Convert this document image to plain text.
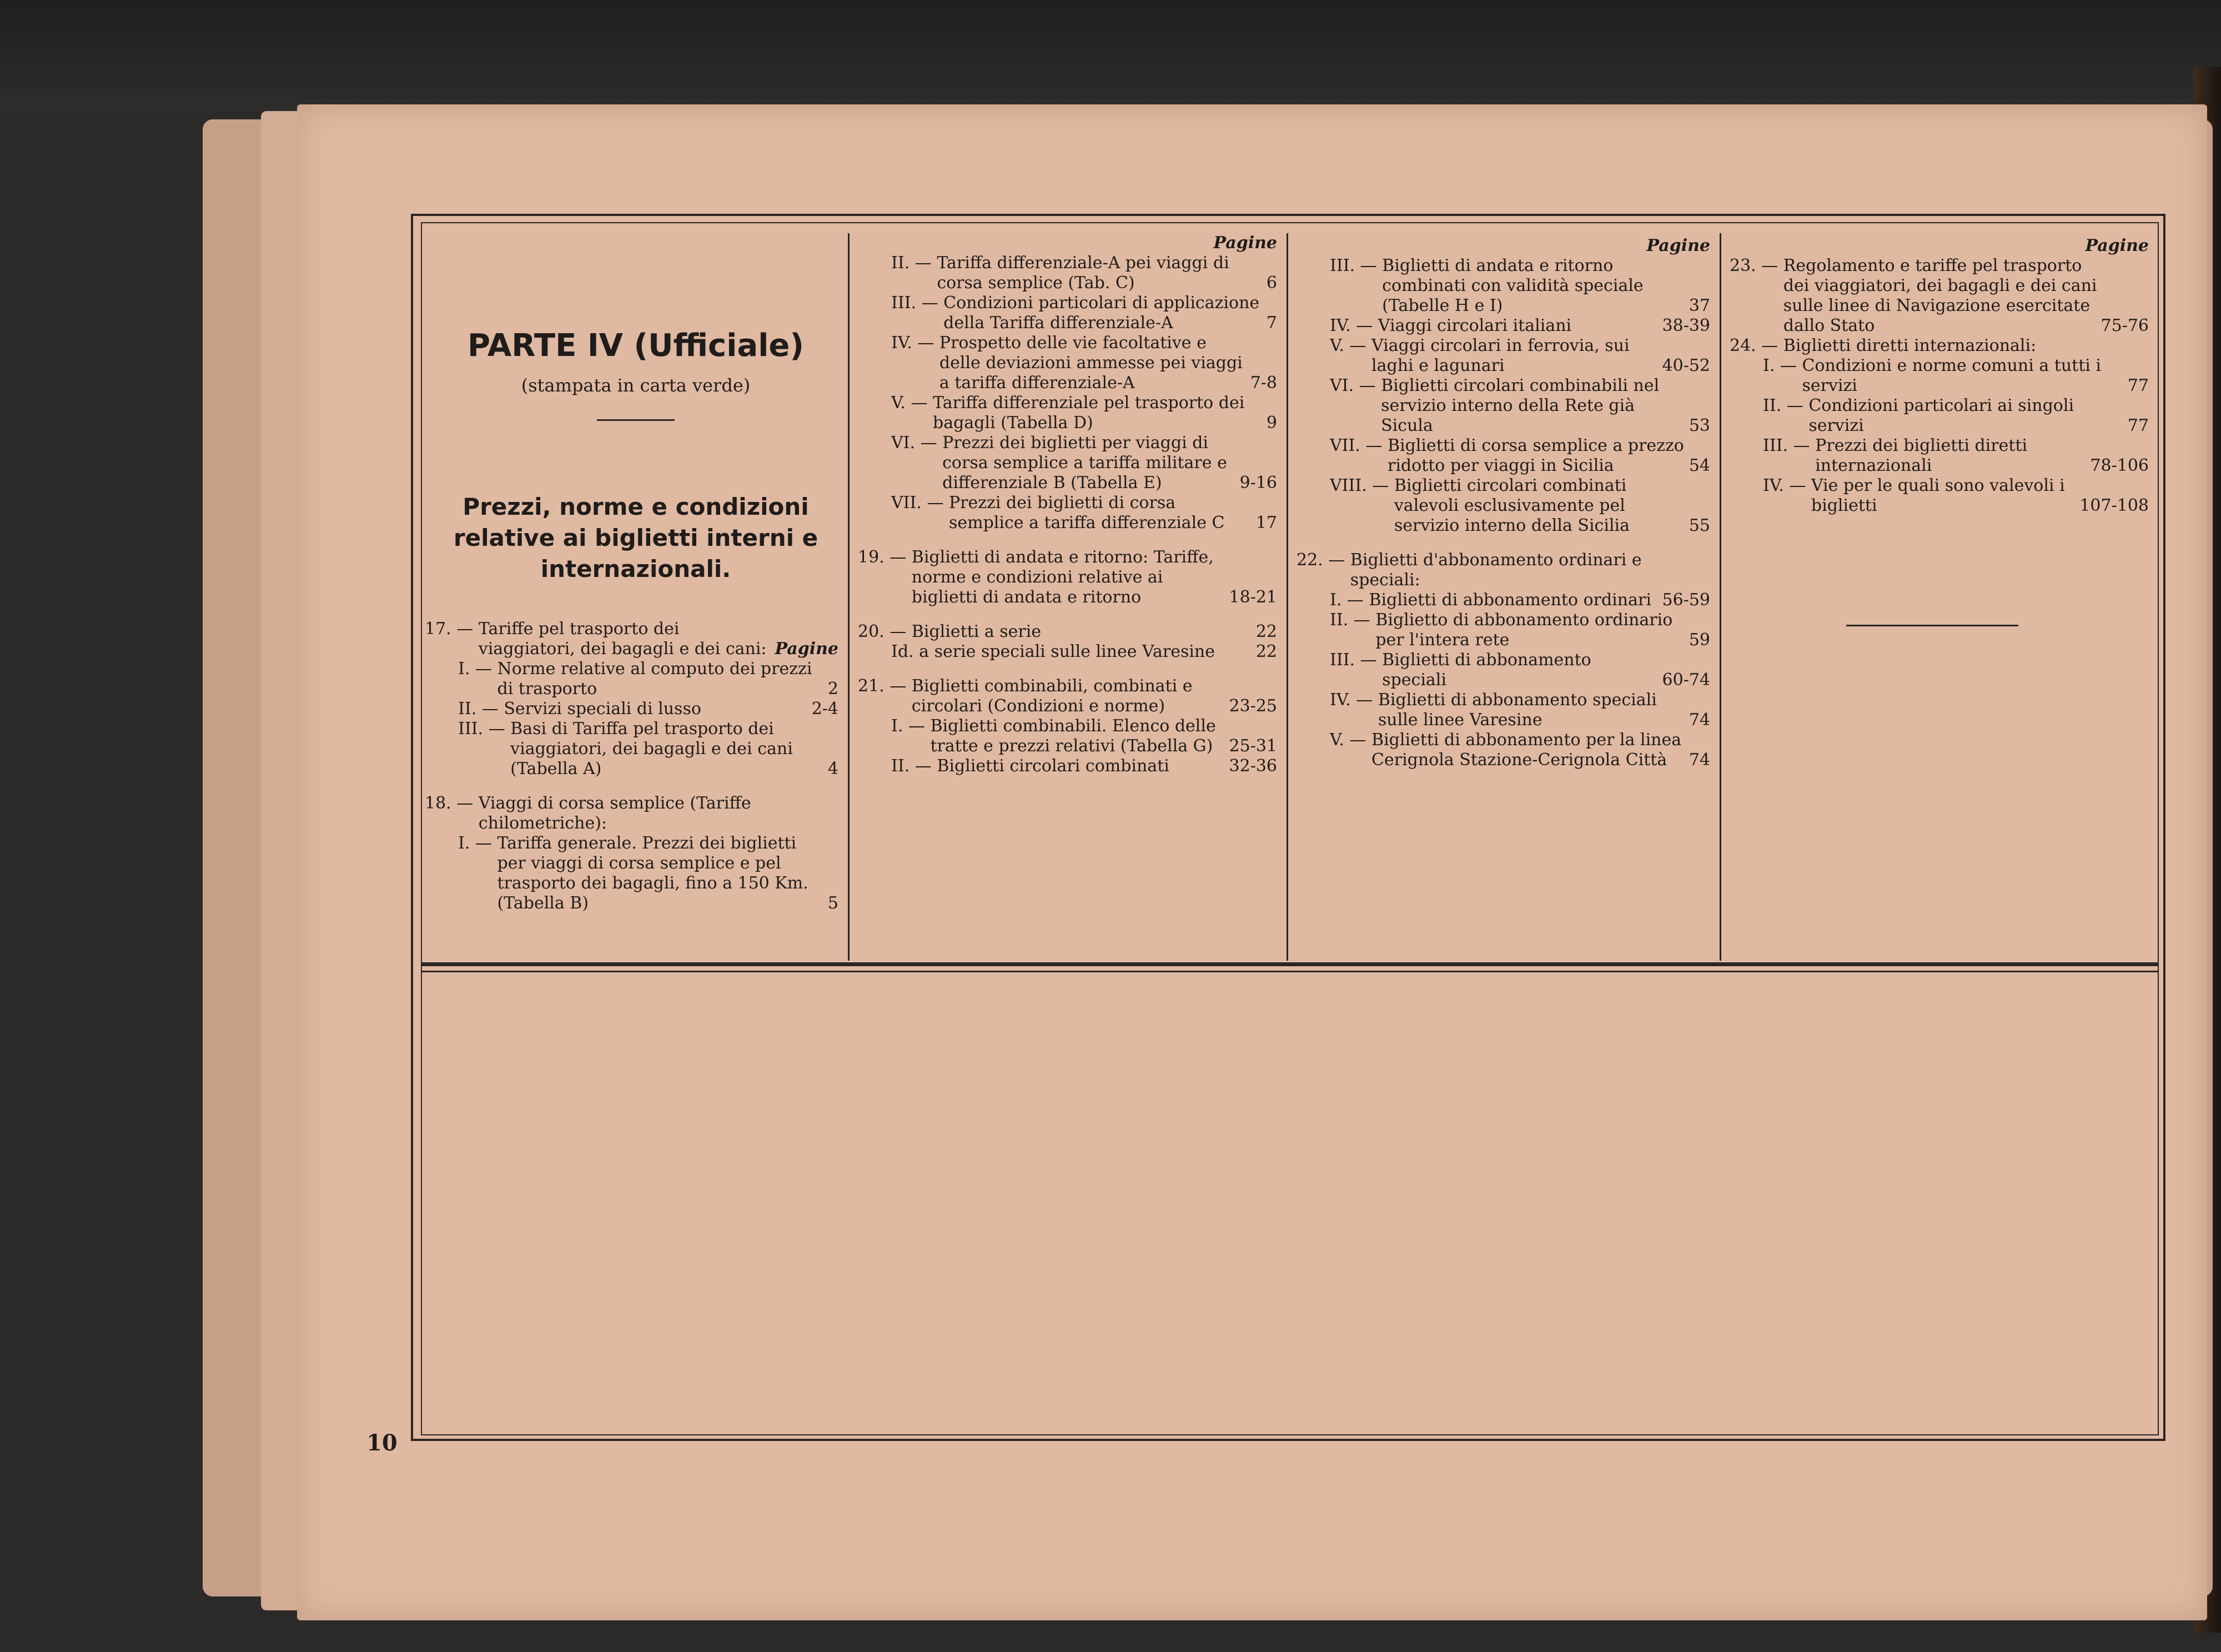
PARTE IV (Ufficiale)
(stampata in carta verde)
Prezzi, norme e condizioni relative ai biglietti interni e internazionali.
17. — Tariffe pel trasporto dei viaggiatori, dei bagagli e dei cani: Pagine
I. — Norme relative al computo dei prezzi di trasporto	2
II. — Servizi speciali di lusso	2-4
III. — Basi di Tariffa pel trasporto dei viaggiatori, dei bagagli e dei cani (Tabella A)	4
18. — Viaggi di corsa semplice (Tariffe chilometriche):
I. — Tariffa generale. Prezzi dei biglietti per viaggi di corsa semplice e pel trasporto dei bagagli, fino a 150 Km. (Tabella B)	5
Pagine
II. — Tariffa differenziale-A pei viaggi di corsa semplice (Tab. C)	6
III. — Condizioni particolari di applicazione della Tariffa differenziale-A	7
IV. — Prospetto delle vie facoltative e delle deviazioni ammesse pei viaggi a tariffa differenziale-A	7-8
V. — Tariffa differenziale pel trasporto dei bagagli (Tabella D)	9
VI. — Prezzi dei biglietti per viaggi di corsa semplice a tariffa militare e differenziale B (Tabella E)	9-16
VII. — Prezzi dei biglietti di corsa semplice a tariffa differenziale C	17
19. — Biglietti di andata e ritorno: Tariffe, norme e condizioni relative ai biglietti di andata e ritorno	18-21
20. — Biglietti a serie	22
Id. a serie speciali sulle linee Varesine	22
21. — Biglietti combinabili, combinati e circolari (Condizioni e norme)	23-25
I. — Biglietti combinabili. Elenco delle tratte e prezzi relativi (Tabella G) 25-31
II. — Biglietti circolari combinati	32-36
Pagine
III. — Biglietti di andata e ritorno combinati con validità speciale (Tabelle H e I)	37
IV. — Viaggi circolari italiani	38-39
V. — Viaggi circolari in ferrovia, sui laghi e lagunari	40-52
VI. — Biglietti circolari combinabili nel servizio interno della Rete già Sicula	53
VII. — Biglietti di corsa semplice a prezzo ridotto per viaggi in Sicilia	54
VIII. — Biglietti circolari combinati valevoli esclusivamente pel servizio interno della Sicilia	55
22. — Biglietti d'abbonamento ordinari e speciali:
I. — Biglietti di abbonamento ordinari 56-59
II. — Biglietto di abbonamento ordinario per l'intera rete	59
III. — Biglietti di abbonamento speciali	60-74
IV. — Biglietti di abbonamento speciali sulle linee Varesine	74
V. — Biglietti di abbonamento per la linea Cerignola Stazione-Cerignola Città	74
Pagine
23. — Regolamento e tariffe pel trasporto dei viaggiatori, dei bagagli e dei cani sulle linee di Navigazione esercitate dallo Stato	75-76
24. — Biglietti diretti internazionali:
I. — Condizioni e norme comuni a tutti i servizi	77
II. — Condizioni particolari ai singoli servizi	77
III. — Prezzi dei biglietti diretti internazionali	78-106
IV. — Vie per le quali sono valevoli i biglietti	107-108
10
